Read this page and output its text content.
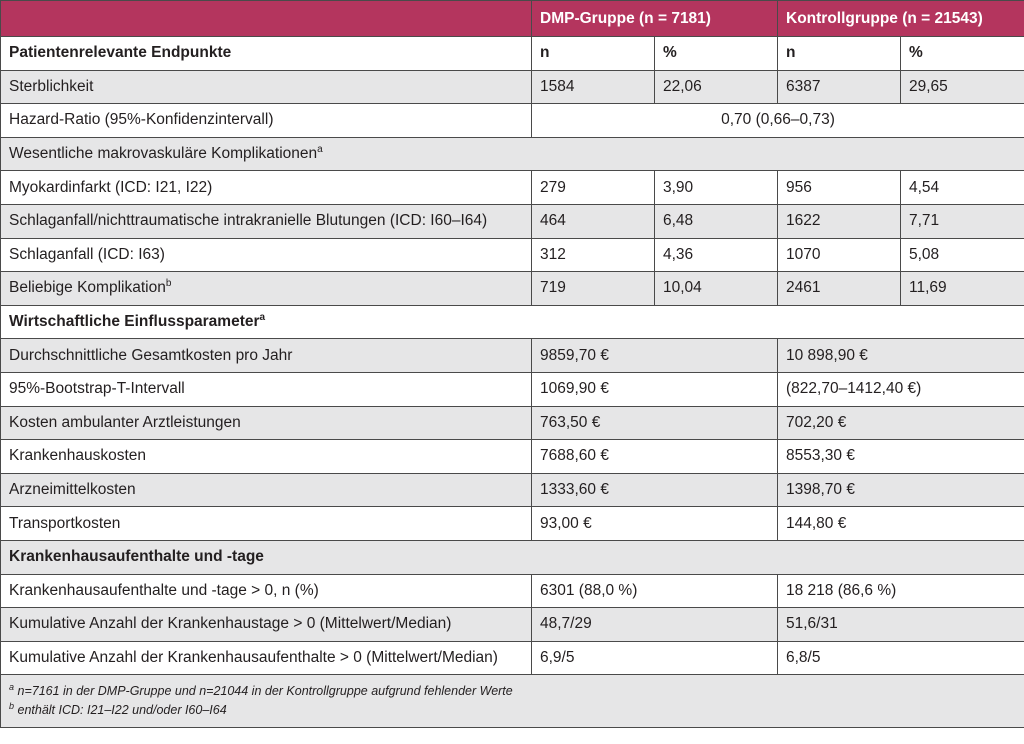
	DMP-Gruppe (n = 7181)		Kontrollgruppe (n = 21543)	
Patientenrelevante Endpunkte	n	%	n	%
Sterblichkeit	1584	22,06	6387	29,65
Hazard-Ratio (95%-Konfidenzintervall)	0,70 (0,66–0,73)			
Wesentliche makrovaskuläre Komplikationen$^a$
Myokardinfarkt (ICD: I21, I22)	279	3,90	956	4,54
Schlaganfall/nichttraumatische intrakranielle Blutungen (ICD: I60–I64)	464	6,48	1622	7,71
Schlaganfall (ICD: I63)	312	4,36	1070	5,08
Beliebige Komplikation$^b$	719	10,04	2461	11,69
Wirtschaftliche Einflussparameter$^a$
Durchschnittliche Gesamtkosten pro Jahr	9859,70 €		10 898,90 €	
95%-Bootstrap-T-Intervall	1069,90 €		(822,70–1412,40 €)	
Kosten ambulanter Arztleistungen	763,50 €		702,20 €	
Krankenhauskosten	7688,60 €		8553,30 €	
Arzneimittelkosten	1333,60 €		1398,70 €	
Transportkosten	93,00 €		144,80 €	
Krankenhausaufenthalte und -tage				
Krankenhausaufenthalte und -tage > 0, n (%)	6301 (88,0 %)		18 218 (86,6 %)	
Kumulative Anzahl der Krankenhaustage > 0 (Mittelwert/Median)	48,7/29		51,6/31	
Kumulative Anzahl der Krankenhausaufenthalte > 0 (Mittelwert/Median)	6,9/5		6,8/5	

$^a$ n=7161 in der DMP-Gruppe und n=21044 in der Kontrollgruppe aufgrund fehlender Werte
$^b$ enthält ICD: I21–I22 und/oder I60–I64				
